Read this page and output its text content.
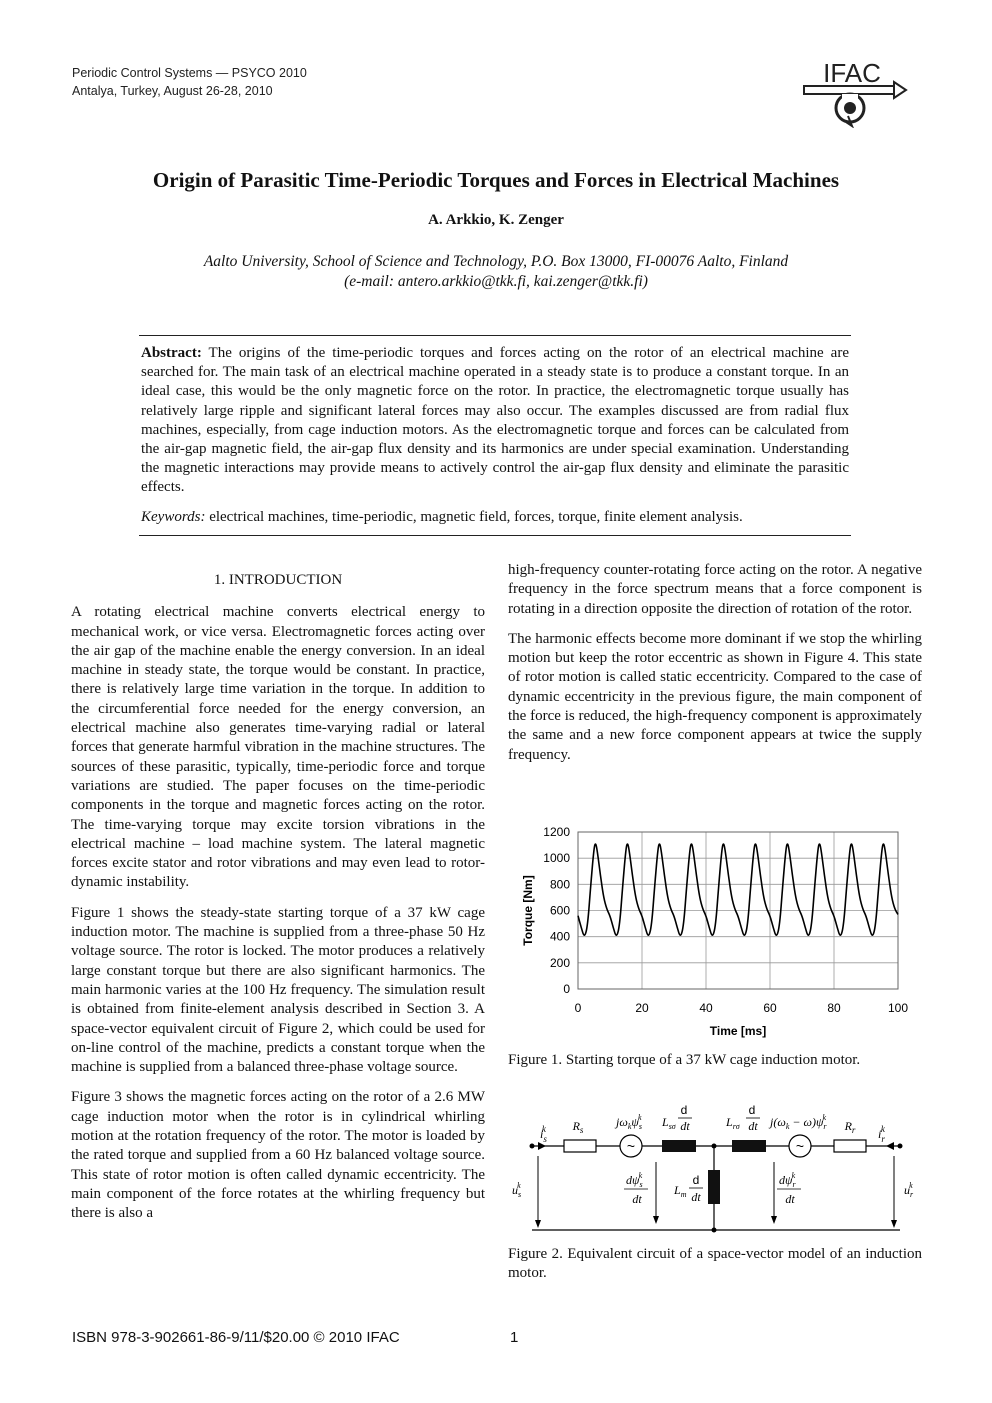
Periodic Control Systems — PSYCO 2010
Antalya, Turkey, August 26-28, 2010
IFAC
Origin of Parasitic Time-Periodic Torques and Forces in Electrical Machines
A. Arkkio, K. Zenger
Aalto University, School of Science and Technology, P.O. Box 13000, FI-00076 Aalto, Finland
(e-mail: antero.arkkio@tkk.fi, kai.zenger@tkk.fi)

Abstract: The origins of the time-periodic torques and forces acting on the rotor of an electrical machine are searched for. The main task of an electrical machine operated in a steady state is to produce a constant torque. In an ideal case, this would be the only magnetic force on the rotor. In practice, the electromagnetic torque usually has relatively large ripple and significant lateral forces may also occur. The examples discussed are from radial flux machines, especially, from cage induction motors. As the electromagnetic torque and forces can be calculated from the air-gap magnetic field, the air-gap flux density and its harmonics are under special examination. Understanding the magnetic interactions may provide means to actively control the air-gap flux density and eliminate the parasitic effects.

Keywords: electrical machines, time-periodic, magnetic field, forces, torque, finite element analysis.

1. INTRODUCTION

A rotating electrical machine converts electrical energy to mechanical work, or vice versa. Electromagnetic forces acting over the air gap of the machine enable the energy conversion. In an ideal machine in steady state, the torque would be constant. In practice, there is relatively large time variation in the torque. In addition to the circumferential force needed for the energy conversion, an electrical machine also generates time-varying radial or lateral forces that generate harmful vibration in the machine structures. The sources of these parasitic, typically, time-periodic force and torque variations are studied. The paper focuses on the time-periodic components in the torque and magnetic forces acting on the rotor. The time-varying torque may excite torsion vibrations in the electrical machine – load machine system. The lateral magnetic forces excite stator and rotor vibrations and may even lead to rotor-dynamic instability.

Figure 1 shows the steady-state starting torque of a 37 kW cage induction motor. The machine is supplied from a three-phase 50 Hz voltage source. The rotor is locked. The motor produces a relatively large constant torque but there are also significant harmonics. The main harmonic varies at the 100 Hz frequency. The simulation result is obtained from finite-element analysis described in Section 3. A space-vector equivalent circuit of Figure 2, which could be used for on-line control of the machine, predicts a constant torque when the machine is supplied from a balanced three-phase voltage source.

Figure 3 shows the magnetic forces acting on the rotor of a 2.6 MW cage induction motor when the rotor is in cylindrical whirling motion at the rotation frequency of the rotor. The motor is loaded by the rated torque and supplied from a 60 Hz balanced voltage source. This state of rotor motion is often called dynamic eccentricity. The main component of the force rotates at the whirling frequency but there is also a

high-frequency counter-rotating force acting on the rotor. A negative frequency in the force spectrum means that a force component is rotating in a direction opposite the direction of rotation of the rotor.

The harmonic effects become more dominant if we stop the whirling motion but keep the rotor eccentric as shown in Figure 4. This state of rotor motion is called static eccentricity. Compared to the case of dynamic eccentricity in the previous figure, the main component of the force is reduced, the high-frequency component is approximately the same and a new force component appears at twice the supply frequency.

0
200
400
600
800
1000
1200
0	20	40	60	80	100
Time [ms]
Torque [Nm]
Figure 1. Starting torque of a 37 kW cage induction motor.
~	~
$i_sk$	$i_rk$
$R_s$	$R_r$
$j\omega_k\psi_sk$	$j(\omega_k - \omega)\psi_rk$
$L_{s\sigma}$
d
dt	$L_{r\sigma}$
d
dt
$L_m$
d
dt
$d\psi_sk$
dt
$d\psi_rk$
dt
$u_sk$	$u_rk$
Figure 2. Equivalent circuit of a space-vector model of an induction motor.
ISBN 978-3-902661-86-9/11/$20.00 © 2010 IFAC	1
